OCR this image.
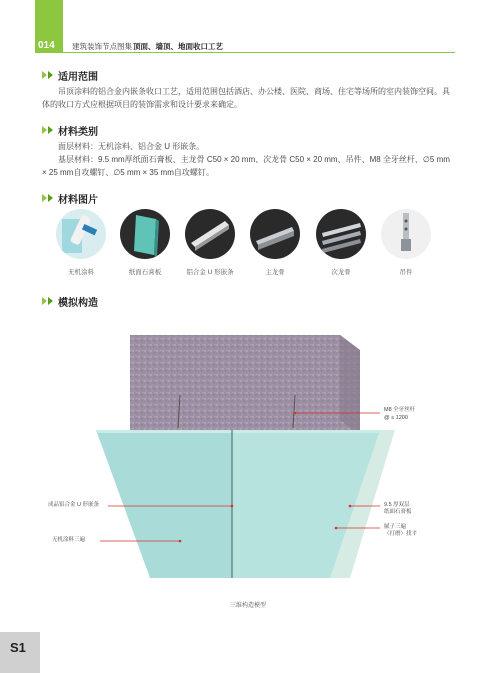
014 建筑装饰节点图集 顶面、墙顶、地面收口工艺
适用范围
吊顶涂料的铝合金内嵌条收口工艺，适用范围包括酒店、办公楼、医院、商场、住宅等场所的室内装饰空间。具体的收口方式应根据项目的装饰需求和设计要求来确定。
材料类别
面层材料：无机涂料、铝合金 U 形嵌条。
基层材料：9.5 mm厚纸面石膏板、主龙骨 C50 × 20 mm、次龙骨 C50 × 20 mm、吊件、M8 全牙丝杆、∅5 mm × 25 mm自攻螺钉、∅5 mm × 35 mm自攻螺钉。
材料图片
无机涂料	纸面石膏板	铝合金 U 形嵌条	主龙骨	次龙骨	吊件
模拟构造
M8 全牙丝杆
@ ≤ 1200
成品铝合金 U 形嵌条
无机涂料三遍
9.5 厚双层
纸面石膏板
腻子三遍
（打磨）找平
三维构造模型
S1
